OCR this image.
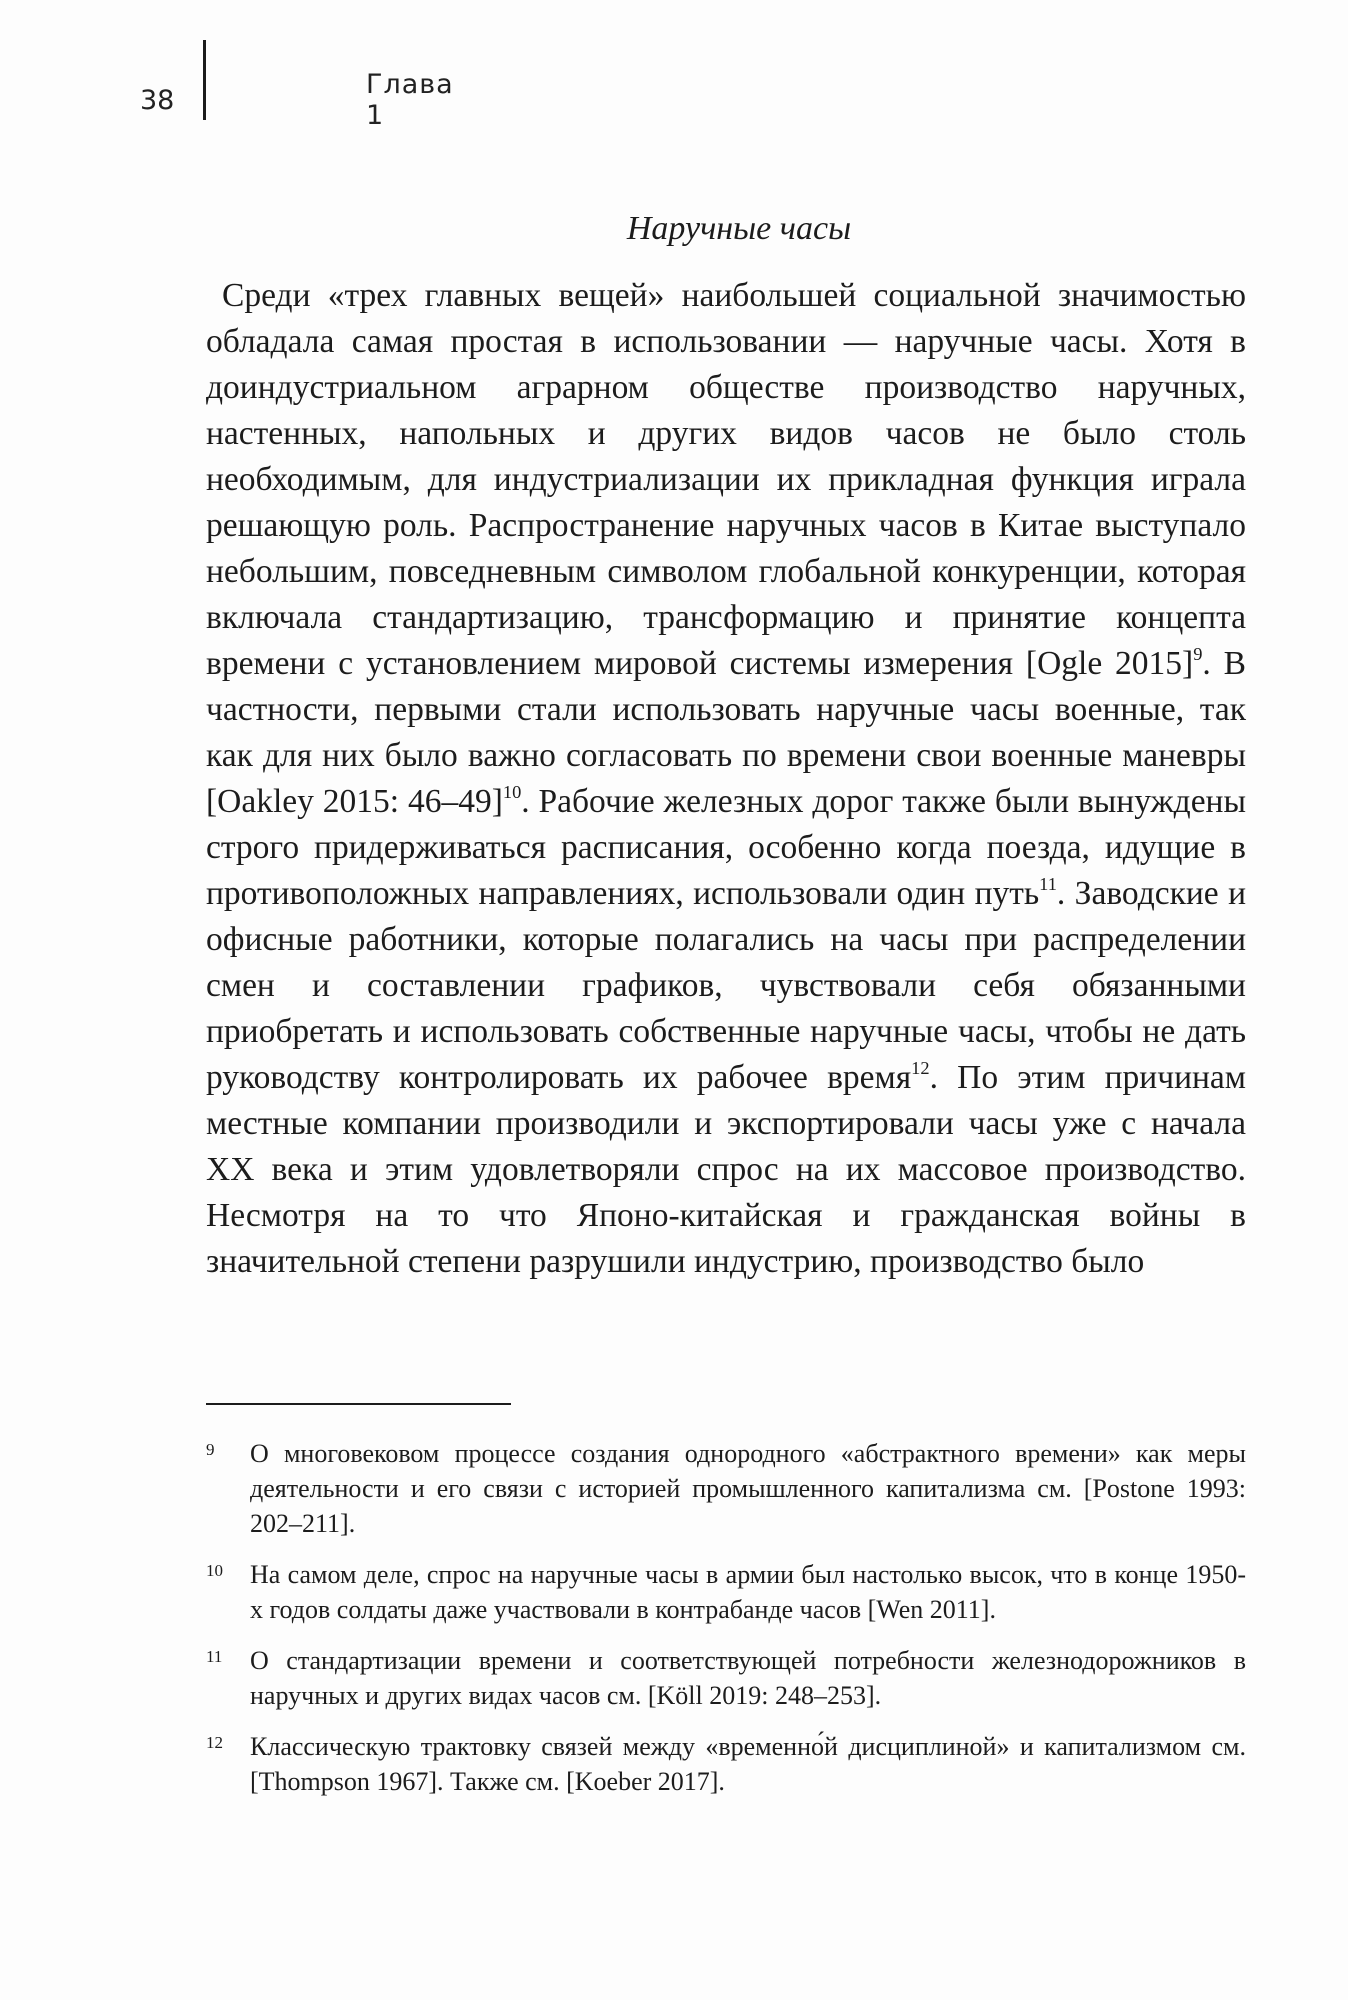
38	Глава 1
Наручные часы

Среди «трех главных вещей» наибольшей социальной значимостью обладала самая простая в использовании — наручные часы. Хотя в доиндустриальном аграрном обществе производство наручных, настенных, напольных и других видов часов не было столь необходимым, для индустриализации их прикладная функция играла решающую роль. Распространение наручных часов в Китае выступало небольшим, повседневным символом глобальной конкуренции, которая включала стандартизацию, трансформацию и принятие концепта времени с установлением мировой системы измерения [Ogle 2015]$^9$. В частности, первыми стали использовать наручные часы военные, так как для них было важно согласовать по времени свои военные маневры [Oakley 2015: 46–49]$^{10}$. Рабочие железных дорог также были вынуждены строго придерживаться расписания, особенно когда поезда, идущие в противоположных направлениях, использовали один путь$^{11}$. Заводские и офисные работники, которые полагались на часы при распределении смен и составлении графиков, чувствовали себя обязанными приобретать и использовать собственные наручные часы, чтобы не дать руководству контролировать их рабочее время$^{12}$. По этим причинам местные компании производили и экспортировали часы уже с начала XX века и этим удовлетворяли спрос на их массовое производство. Несмотря на то что Японо-китайская и гражданская войны в значительной степени разрушили индустрию, производство было

9 О многовековом процессе создания однородного «абстрактного времени» как меры деятельности и его связи с историей промышленного капитализма см. [Postone 1993: 202–211].
10 На самом деле, спрос на наручные часы в армии был настолько высок, что в конце 1950-х годов солдаты даже участвовали в контрабанде часов [Wen 2011].
11 О стандартизации времени и соответствующей потребности железнодорожников в наручных и других видах часов см. [Köll 2019: 248–253].
12 Классическую трактовку связей между «временно́й дисциплиной» и капитализмом см. [Thompson 1967]. Также см. [Koeber 2017].
